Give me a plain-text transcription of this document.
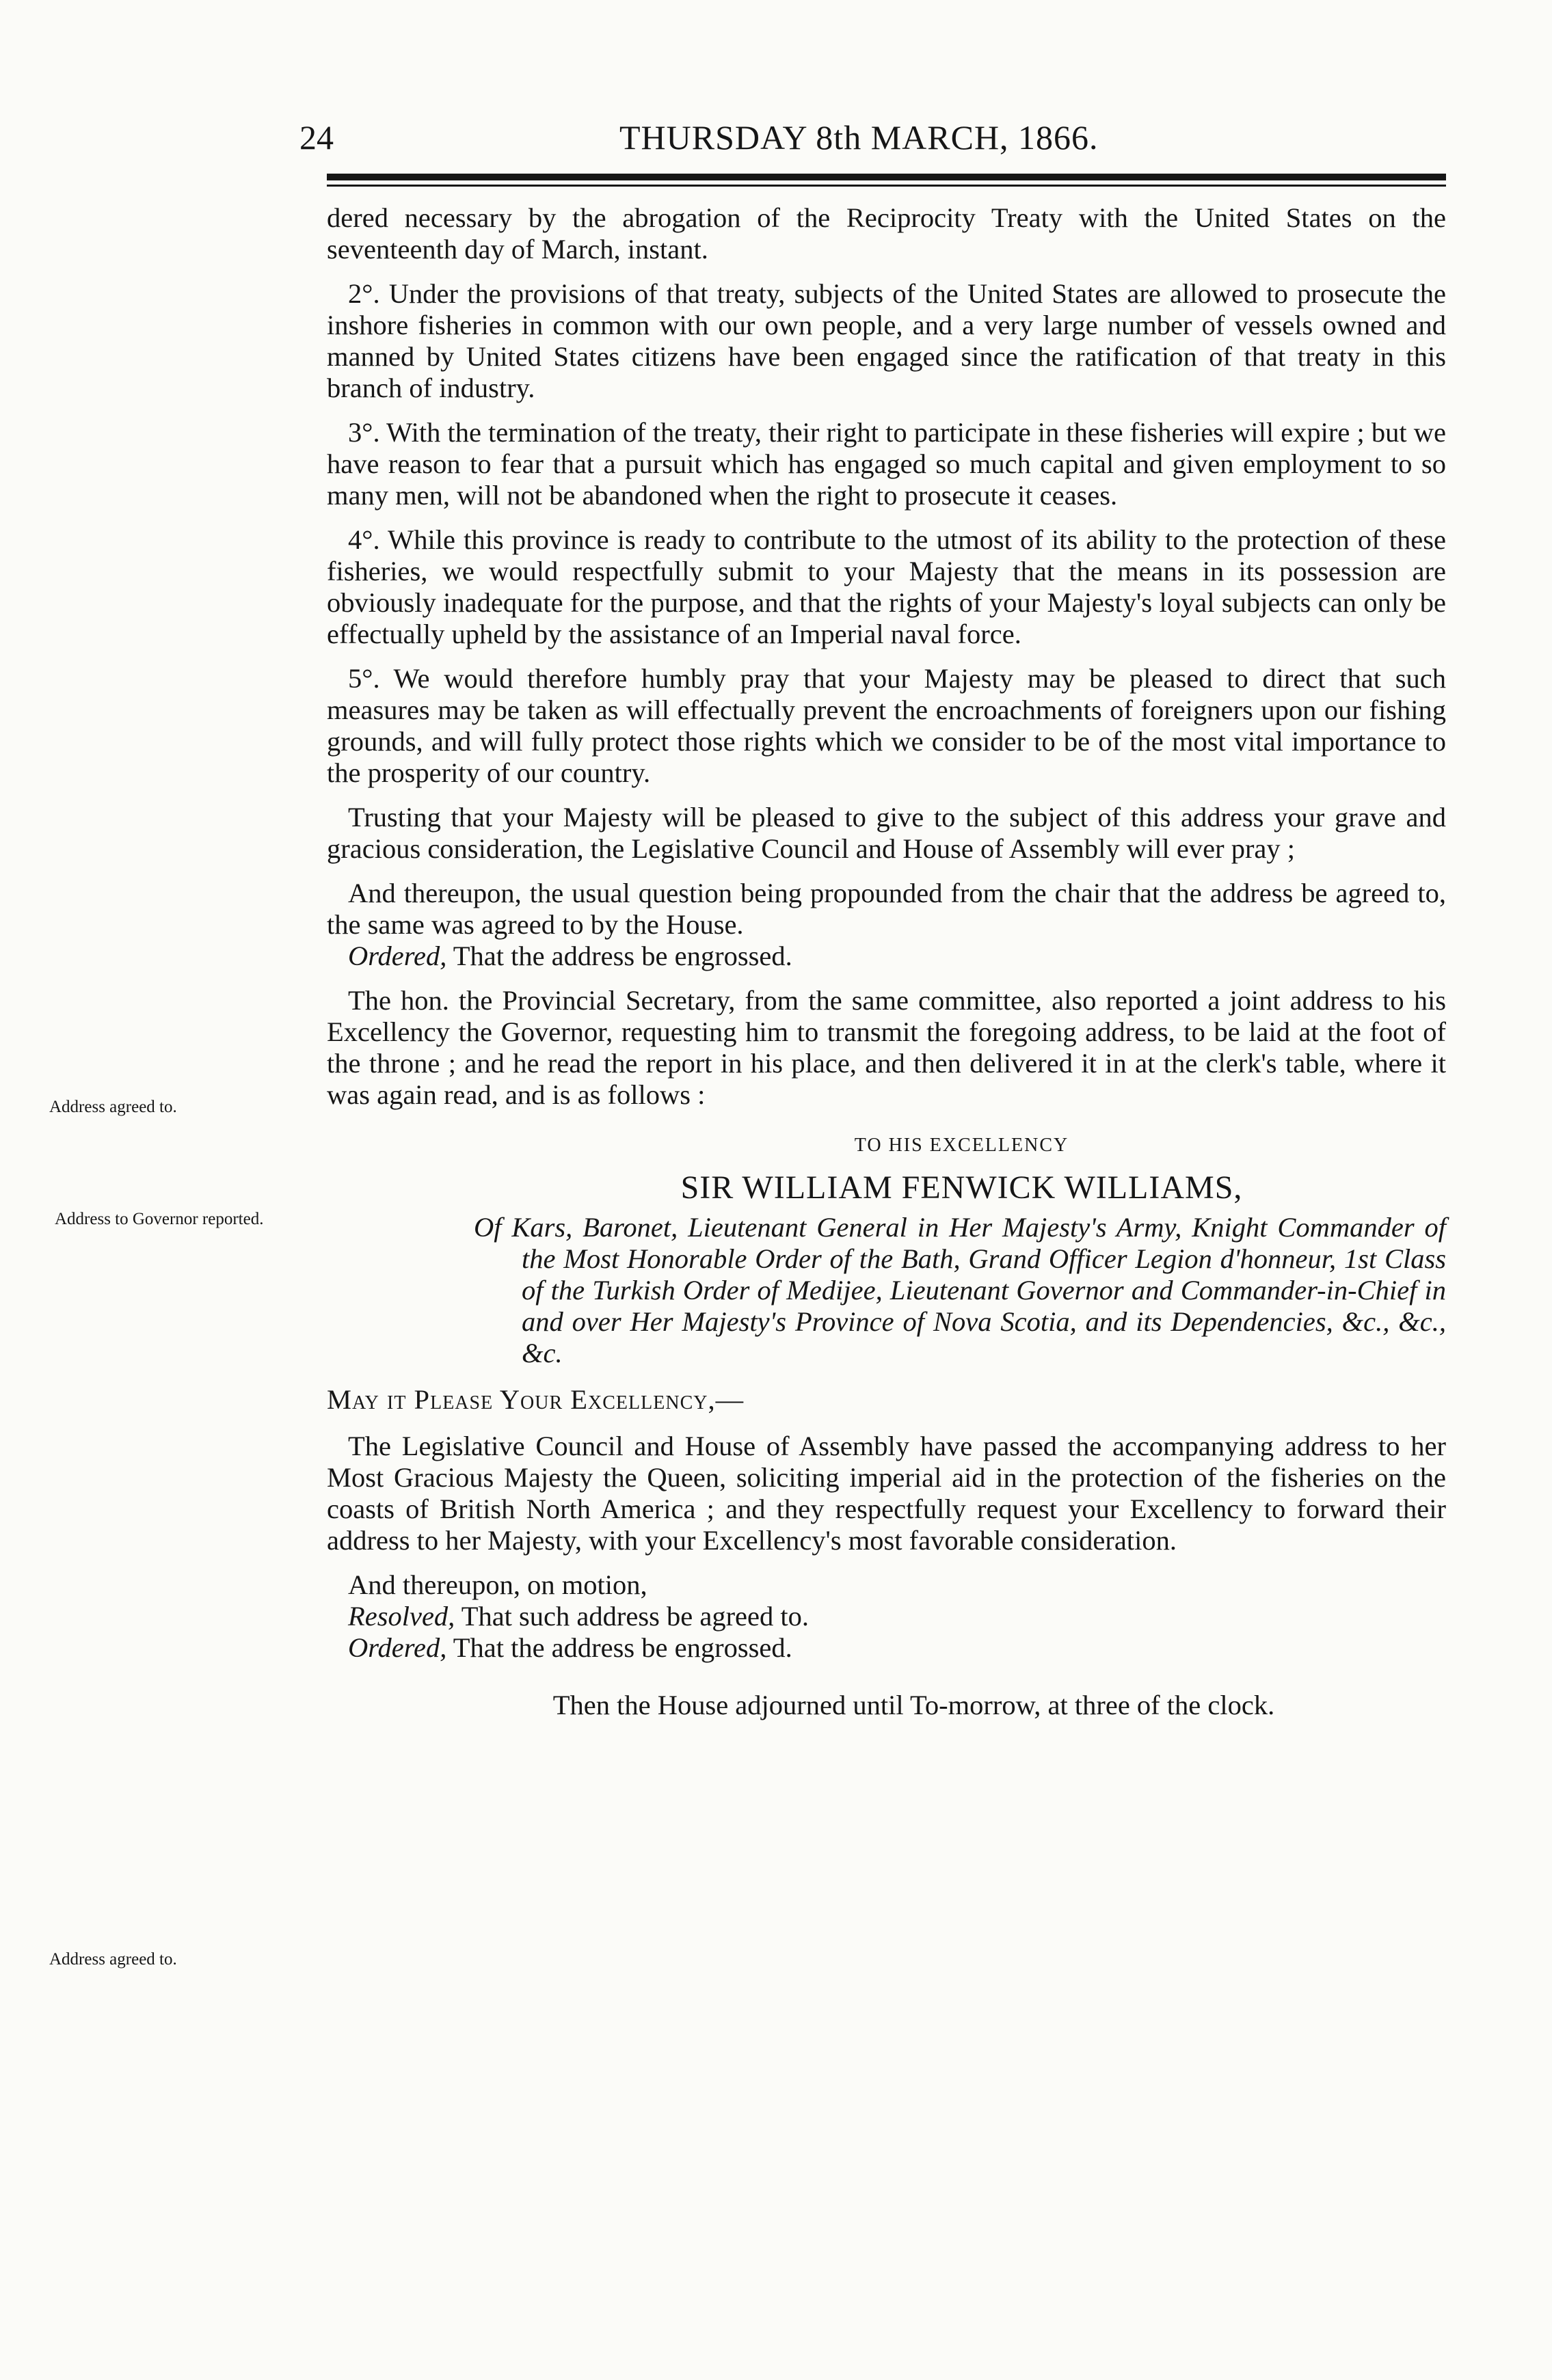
24	THURSDAY 8th MARCH, 1866.
Address agreed to.
Address to Governor reported.
Address agreed to.

dered necessary by the abrogation of the Reciprocity Treaty with the United States on the seventeenth day of March, instant.

2°. Under the provisions of that treaty, subjects of the United States are allowed to prosecute the inshore fisheries in common with our own people, and a very large number of vessels owned and manned by United States citizens have been engaged since the ratification of that treaty in this branch of industry.

3°. With the termination of the treaty, their right to participate in these fisheries will expire ; but we have reason to fear that a pursuit which has engaged so much capital and given employment to so many men, will not be abandoned when the right to prosecute it ceases.

4°. While this province is ready to contribute to the utmost of its ability to the protection of these fisheries, we would respectfully submit to your Majesty that the means in its possession are obviously inadequate for the purpose, and that the rights of your Majesty's loyal subjects can only be effectually upheld by the assistance of an Imperial naval force.

5°. We would therefore humbly pray that your Majesty may be pleased to direct that such measures may be taken as will effectually prevent the encroachments of foreigners upon our fishing grounds, and will fully protect those rights which we consider to be of the most vital importance to the prosperity of our country.

Trusting that your Majesty will be pleased to give to the subject of this address your grave and gracious consideration, the Legislative Council and House of Assembly will ever pray ;

And thereupon, the usual question being propounded from the chair that the address be agreed to, the same was agreed to by the House.

Ordered, That the address be engrossed.

The hon. the Provincial Secretary, from the same committee, also reported a joint address to his Excellency the Governor, requesting him to transmit the foregoing address, to be laid at the foot of the throne ; and he read the report in his place, and then delivered it in at the clerk's table, where it was again read, and is as follows :

TO HIS EXCELLENCY
SIR WILLIAM FENWICK WILLIAMS,
Of Kars, Baronet, Lieutenant General in Her Majesty's Army, Knight Commander of the Most Honorable Order of the Bath, Grand Officer Legion d'honneur, 1st Class of the Turkish Order of Medijee, Lieutenant Governor and Commander-in-Chief in and over Her Majesty's Province of Nova Scotia, and its Dependencies, &c., &c., &c.
May it Please Your Excellency,—

The Legislative Council and House of Assembly have passed the accompanying address to her Most Gracious Majesty the Queen, soliciting imperial aid in the protection of the fisheries on the coasts of British North America ; and they respectfully request your Excellency to forward their address to her Majesty, with your Excellency's most favorable consideration.

And thereupon, on motion,

Resolved, That such address be agreed to.

Ordered, That the address be engrossed.

Then the House adjourned until To-morrow, at three of the clock.
